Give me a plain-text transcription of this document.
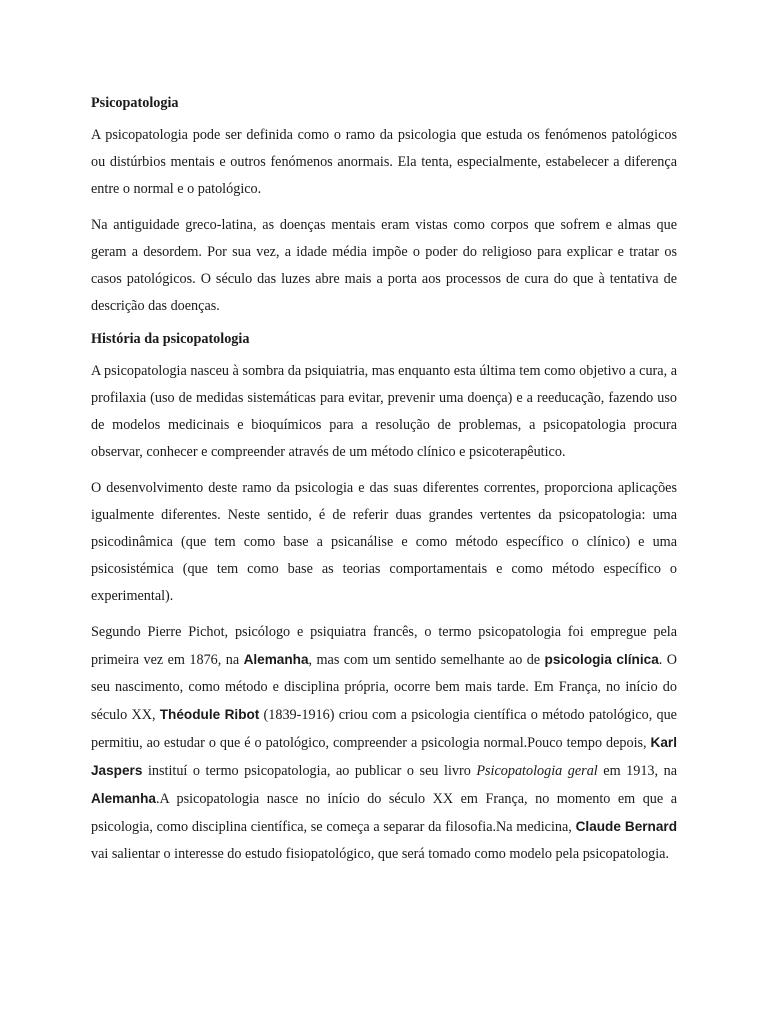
Psicopatologia

A psicopatologia pode ser definida como o ramo da psicologia que estuda os fenómenos patológicos ou distúrbios mentais e outros fenómenos anormais. Ela tenta, especialmente, estabelecer a diferença entre o normal e o patológico.

Na antiguidade greco-latina, as doenças mentais eram vistas como corpos que sofrem e almas que geram a desordem. Por sua vez, a idade média impõe o poder do religioso para explicar e tratar os casos patológicos. O século das luzes abre mais a porta aos processos de cura do que à tentativa de descrição das doenças.

História da psicopatologia

A psicopatologia nasceu à sombra da psiquiatria, mas enquanto esta última tem como objetivo a cura, a profilaxia (uso de medidas sistemáticas para evitar, prevenir uma doença) e a reeducação, fazendo uso de modelos medicinais e bioquímicos para a resolução de problemas, a psicopatologia procura observar, conhecer e compreender através de um método clínico e psicoterapêutico.

O desenvolvimento deste ramo da psicologia e das suas diferentes correntes, proporciona aplicações igualmente diferentes. Neste sentido, é de referir duas grandes vertentes da psicopatologia: uma psicodinâmica (que tem como base a psicanálise e como método específico o clínico) e uma psicosistémica (que tem como base as teorias comportamentais e como método específico o experimental).

Segundo Pierre Pichot, psicólogo e psiquiatra francês, o termo psicopatologia foi empregue pela primeira vez em 1876, na Alemanha, mas com um sentido semelhante ao de psicologia clínica. O seu nascimento, como método e disciplina própria, ocorre bem mais tarde. Em França, no início do século XX, Théodule Ribot (1839-1916) criou com a psicologia científica o método patológico, que permitiu, ao estudar o que é o patológico, compreender a psicologia normal.Pouco tempo depois, Karl Jaspers instituí o termo psicopatologia, ao publicar o seu livro Psicopatologia geral em 1913, na Alemanha.A psicopatologia nasce no início do século XX em França, no momento em que a psicologia, como disciplina científica, se começa a separar da filosofia.Na medicina, Claude Bernard vai salientar o interesse do estudo fisiopatológico, que será tomado como modelo pela psicopatologia.
